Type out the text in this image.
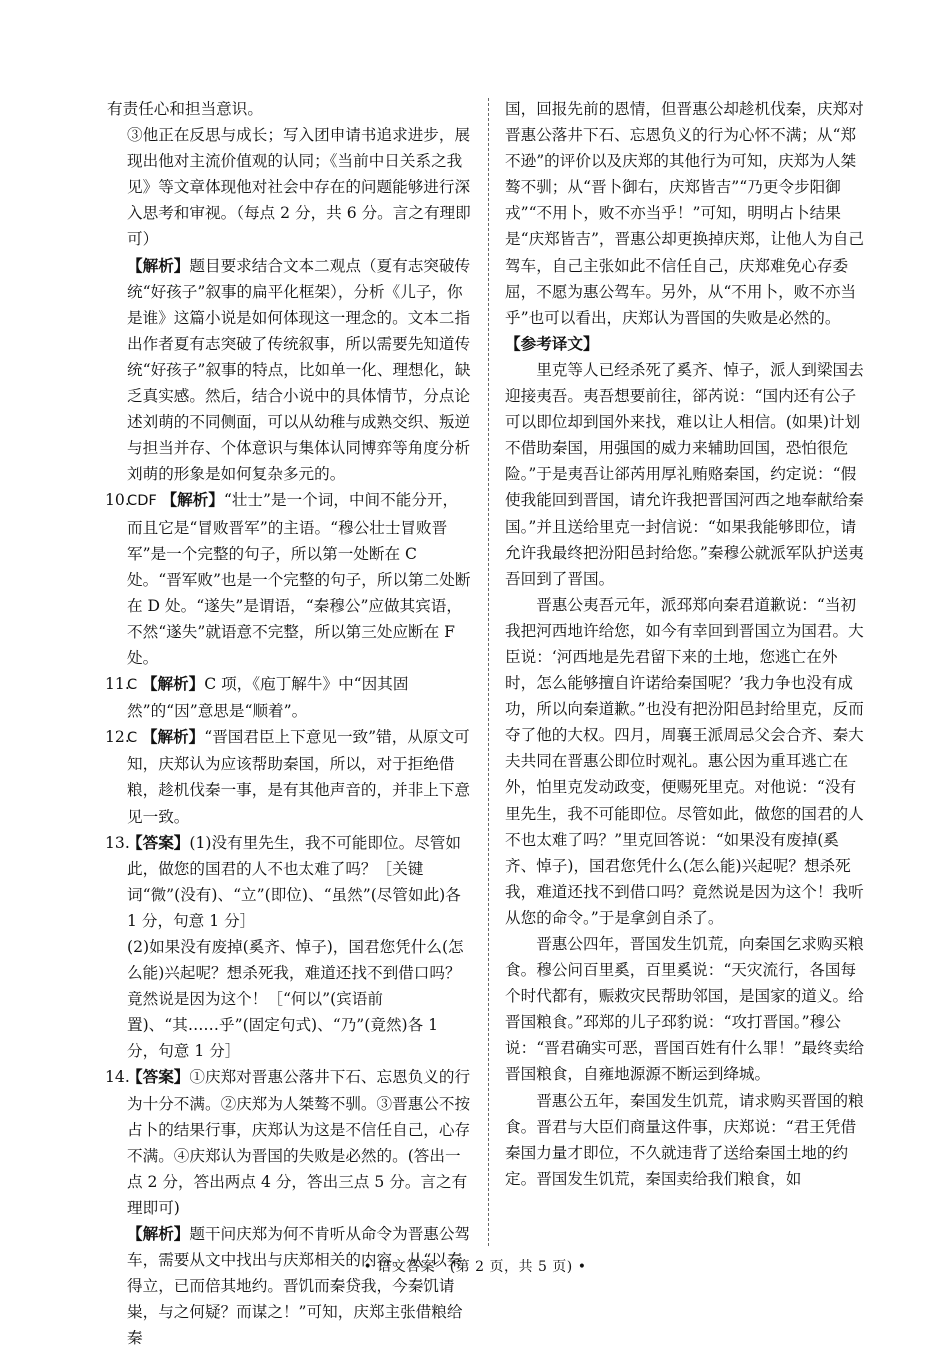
有责任心和担当意识。

③他正在反思与成长；写入团申请书追求进步，展现出他对主流价值观的认同；《当前中日关系之我见》等文章体现他对社会中存在的问题能够进行深入思考和审视。（每点 2 分，共 6 分。言之有理即可）

【解析】题目要求结合文本二观点（夏有志突破传统“好孩子”叙事的扁平化框架），分析《儿子，你是谁》这篇小说是如何体现这一理念的。文本二指出作者夏有志突破了传统叙事，所以需要先知道传统“好孩子”叙事的特点，比如单一化、理想化，缺乏真实感。然后，结合小说中的具体情节，分点论述刘萌的不同侧面，可以从幼稚与成熟交织、叛逆与担当并存、个体意识与集体认同博弈等角度分析刘萌的形象是如何复杂多元的。

10.
CDF 【解析】“壮士”是一个词，中间不能分开，而且它是“冒败晋军”的主语。“穆公壮士冒败晋军”是一个完整的句子，所以第一处断在 C 处。“晋军败”也是一个完整的句子，所以第二处断在 D 处。“遂失”是谓语，“秦穆公”应做其宾语，不然“遂失”就语意不完整，所以第三处应断在 F 处。
11.
C 【解析】C 项，《庖丁解牛》中“因其固然”的“因”意思是“顺着”。
12.
C 【解析】“晋国君臣上下意见一致”错，从原文可知，庆郑认为应该帮助秦国，所以，对于拒绝借粮，趁机伐秦一事，是有其他声音的，并非上下意见一致。
13.

【答案】(1)没有里先生，我不可能即位。尽管如此，做您的国君的人不也太难了吗？［关键词“微”(没有)、“立”(即位)、“虽然”(尽管如此)各 1 分，句意 1 分］

(2)如果没有废掉(奚齐、悼子)，国君您凭什么(怎么能)兴起呢？想杀死我，难道还找不到借口吗？竟然说是因为这个！［“何以”(宾语前置)、“其……乎”(固定句式)、“乃”(竟然)各 1 分，句意 1 分］

14.

【答案】①庆郑对晋惠公落井下石、忘恩负义的行为十分不满。②庆郑为人桀骜不驯。③晋惠公不按占卜的结果行事，庆郑认为这是不信任自己，心存不满。④庆郑认为晋国的失败是必然的。(答出一点 2 分，答出两点 4 分，答出三点 5 分。言之有理即可)

【解析】题干问庆郑为何不肯听从命令为晋惠公驾车，需要从文中找出与庆郑相关的内容。从“以秦得立，已而倍其地约。晋饥而秦贷我，今秦饥请粜，与之何疑？而谋之！”可知，庆郑主张借粮给秦

国，回报先前的恩情，但晋惠公却趁机伐秦，庆郑对晋惠公落井下石、忘恩负义的行为心怀不满；从“郑不逊”的评价以及庆郑的其他行为可知，庆郑为人桀骜不驯；从“晋卜御右，庆郑皆吉”“乃更令步阳御戎”“不用卜，败不亦当乎！”可知，明明占卜结果是“庆郑皆吉”，晋惠公却更换掉庆郑，让他人为自己驾车，自己主张如此不信任自己，庆郑难免心存委屈，不愿为惠公驾车。另外，从“不用卜，败不亦当乎”也可以看出，庆郑认为晋国的失败是必然的。

【参考译文】

里克等人已经杀死了奚齐、悼子，派人到梁国去迎接夷吾。夷吾想要前往，郤芮说：“国内还有公子可以即位却到国外来找，难以让人相信。(如果)计划不借助秦国，用强国的威力来辅助回国，恐怕很危险。”于是夷吾让郤芮用厚礼贿赂秦国，约定说：“假使我能回到晋国，请允许我把晋国河西之地奉献给秦国。”并且送给里克一封信说：“如果我能够即位，请允许我最终把汾阳邑封给您。”秦穆公就派军队护送夷吾回到了晋国。

晋惠公夷吾元年，派邳郑向秦君道歉说：“当初我把河西地许给您，如今有幸回到晋国立为国君。大臣说：‘河西地是先君留下来的土地，您逃亡在外时，怎么能够擅自许诺给秦国呢？’我力争也没有成功，所以向秦道歉。”也没有把汾阳邑封给里克，反而夺了他的大权。四月，周襄王派周忌父会合齐、秦大夫共同在晋惠公即位时观礼。惠公因为重耳逃亡在外，怕里克发动政变，便赐死里克。对他说：“没有里先生，我不可能即位。尽管如此，做您的国君的人不也太难了吗？”里克回答说：“如果没有废掉(奚齐、悼子)，国君您凭什么(怎么能)兴起呢？想杀死我，难道还找不到借口吗？竟然说是因为这个！我听从您的命令。”于是拿剑自杀了。

晋惠公四年，晋国发生饥荒，向秦国乞求购买粮食。穆公问百里奚，百里奚说：“天灾流行，各国每个时代都有，赈救灾民帮助邻国，是国家的道义。给晋国粮食。”邳郑的儿子邳豹说：“攻打晋国。”穆公说：“晋君确实可恶，晋国百姓有什么罪！”最终卖给晋国粮食，自雍地源源不断运到绛城。

晋惠公五年，秦国发生饥荒，请求购买晋国的粮食。晋君与大臣们商量这件事，庆郑说：“君王凭借秦国力量才即位，不久就违背了送给秦国土地的约定。晋国发生饥荒，秦国卖给我们粮食，如

• 语文答案　(第 2 页，共 5 页) •
